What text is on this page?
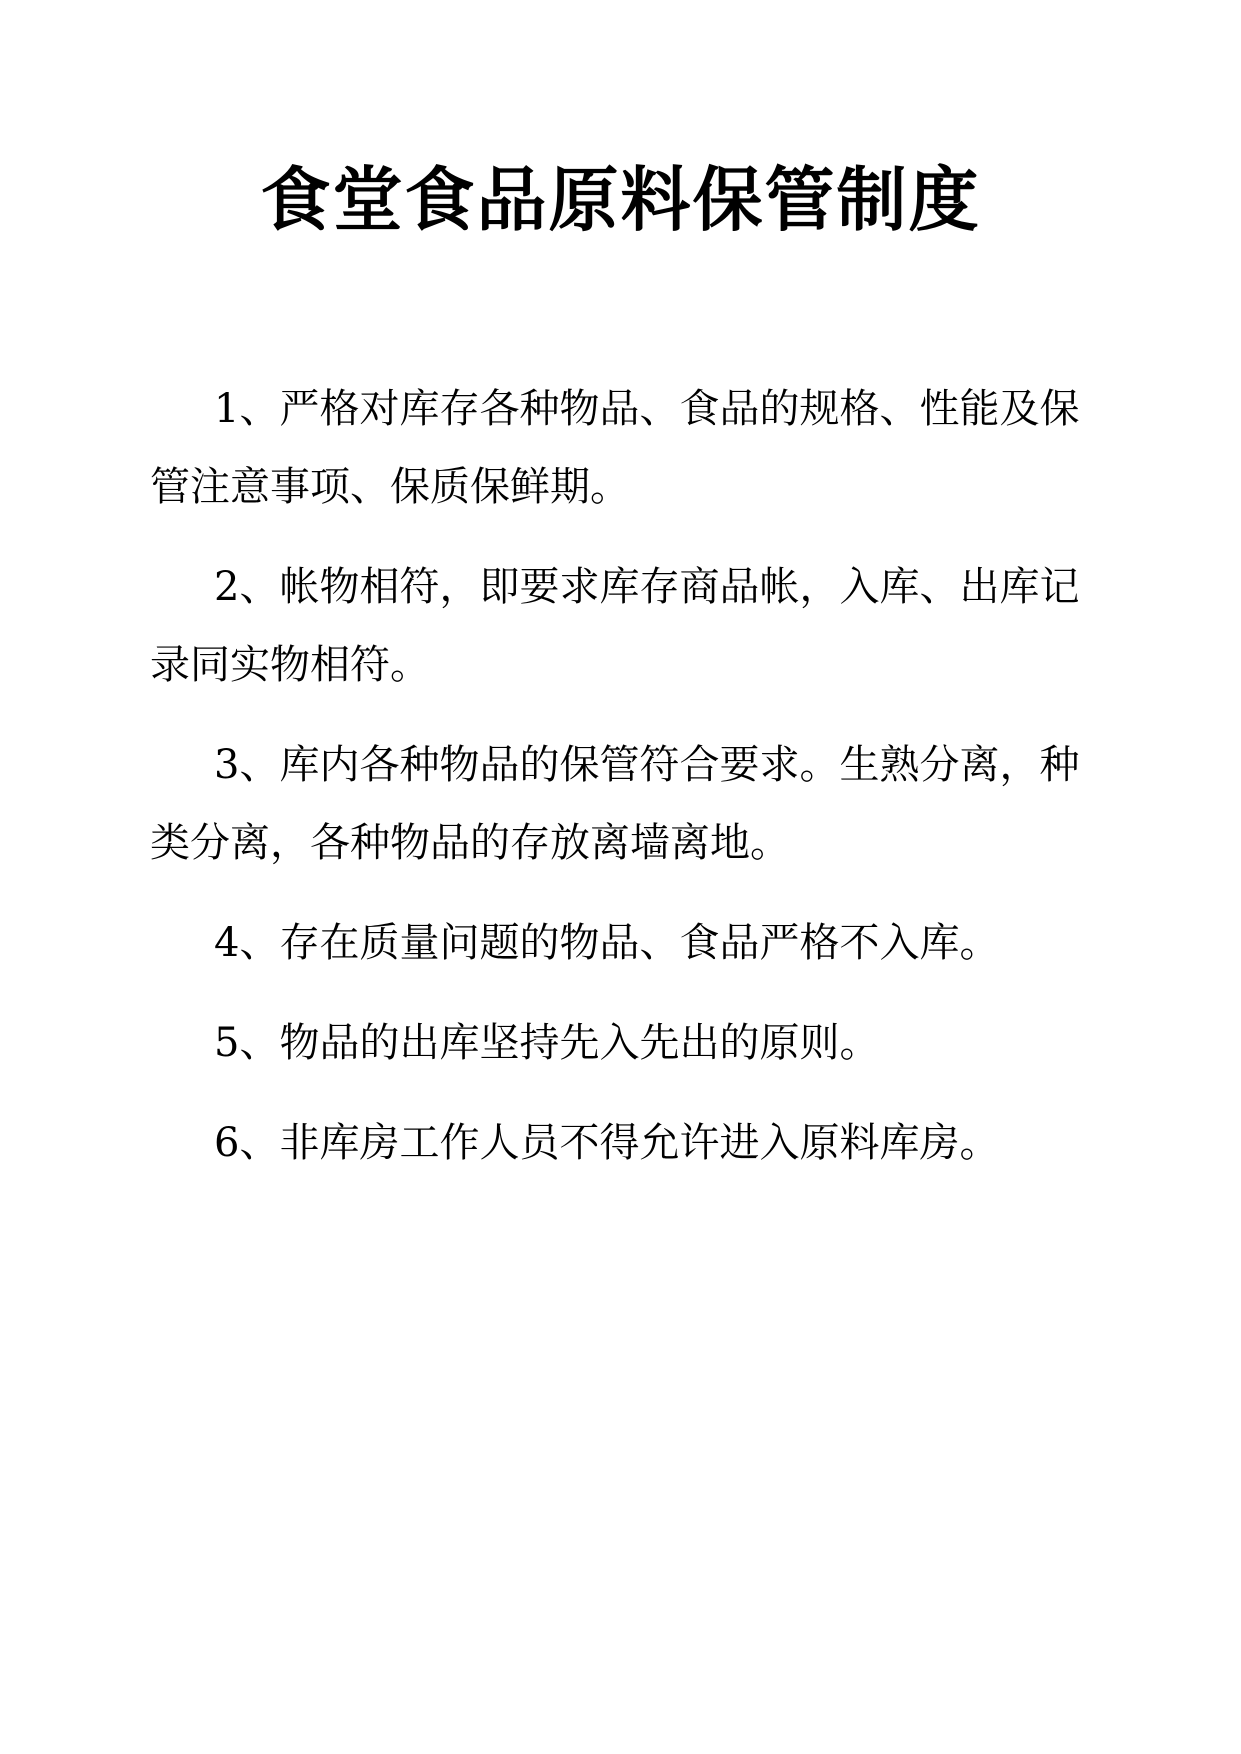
食堂食品原料保管制度

1、严格对库存各种物品、食品的规格、性能及保管注意事项、保质保鲜期。

2、帐物相符，即要求库存商品帐，入库、出库记录同实物相符。

3、库内各种物品的保管符合要求。生熟分离，种类分离，各种物品的存放离墙离地。

4、存在质量问题的物品、食品严格不入库。

5、物品的出库坚持先入先出的原则。

6、非库房工作人员不得允许进入原料库房。
